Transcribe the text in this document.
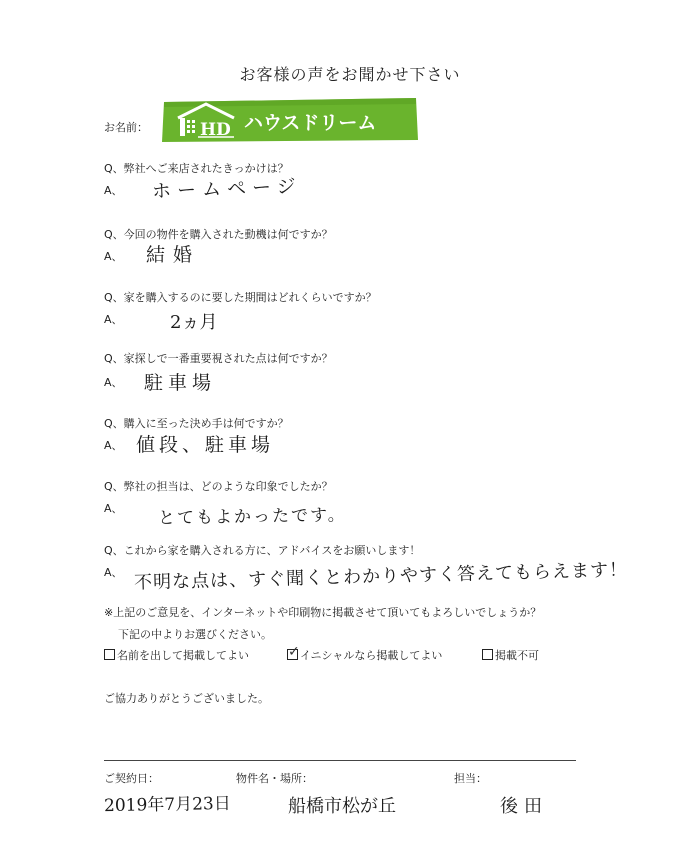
お客様の声をお聞かせ下さい
お名前：	HD ハウスドリーム
Q、弊社へご来店されたきっかけは？
A、 ホームページ
Q、今回の物件を購入された動機は何ですか？
A、 結婚
Q、家を購入するのに要した期間はどれくらいですか？
A、	2ヵ月
Q、家探しで一番重要視された点は何ですか？
A、 駐車場
Q、購入に至った決め手は何ですか？
A、 値段、駐車場
Q、弊社の担当は、どのような印象でしたか？
A、 とてもよかったです。
Q、これから家を購入される方に、アドバイスをお願いします！
A、 不明な点は、すぐ聞くとわかりやすく答えてもらえます！
※上記のご意見を、インターネットや印刷物に掲載させて頂いてもよろしいでしょうか？
下記の中よりお選びください。
名前を出して掲載してよい	✓ イニシャルなら掲載してよい	掲載不可
ご協力ありがとうございました。
ご契約日：	物件名・場所：	担当：
2019年7月23日	船橋市松が丘	後田
